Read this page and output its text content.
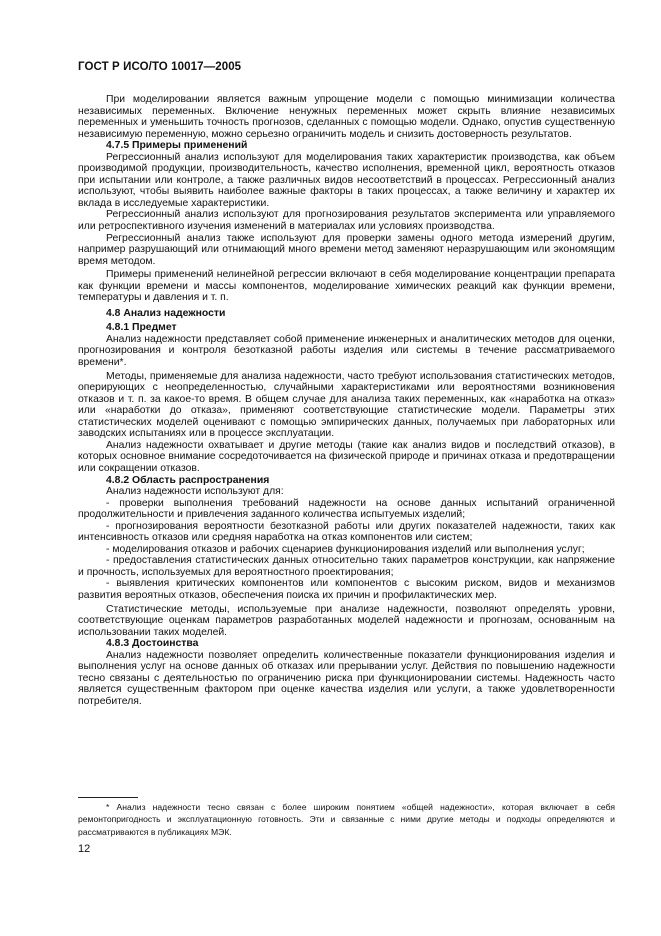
ГОСТ Р ИСО/ТО 10017—2005

При моделировании является важным упрощение модели с помощью минимизации количества независимых переменных. Включение ненужных переменных может скрыть влияние независимых переменных и уменьшить точность прогнозов, сделанных с помощью модели. Однако, опустив существенную независимую переменную, можно серьезно ограничить модель и снизить достоверность результатов.

4.7.5 Примеры применений

Регрессионный анализ используют для моделирования таких характеристик производства, как объем производимой продукции, производительность, качество исполнения, временной цикл, вероятность отказов при испытании или контроле, а также различных видов несоответствий в процессах. Регрессионный анализ используют, чтобы выявить наиболее важные факторы в таких процессах, а также величину и характер их вклада в исследуемые характеристики.

Регрессионный анализ используют для прогнозирования результатов эксперимента или управляемого или ретроспективного изучения изменений в материалах или условиях производства.

Регрессионный анализ также используют для проверки замены одного метода измерений другим, например разрушающий или отнимающий много времени метод заменяют неразрушающим или экономящим время методом.

Примеры применений нелинейной регрессии включают в себя моделирование концентрации препарата как функции времени и массы компонентов, моделирование химических реакций как функции времени, температуры и давления и т. п.

4.8 Анализ надежности
4.8.1 Предмет

Анализ надежности представляет собой применение инженерных и аналитических методов для оценки, прогнозирования и контроля безотказной работы изделия или системы в течение рассматриваемого времени*.

Методы, применяемые для анализа надежности, часто требуют использования статистических методов, оперирующих с неопределенностью, случайными характеристиками или вероятностями возникновения отказов и т. п. за какое-то время. В общем случае для анализа таких переменных, как «наработка на отказ» или «наработки до отказа», применяют соответствующие статистические модели. Параметры этих статистических моделей оценивают с помощью эмпирических данных, получаемых при лабораторных или заводских испытаниях или в процессе эксплуатации.

Анализ надежности охватывает и другие методы (такие как анализ видов и последствий отказов), в которых основное внимание сосредоточивается на физической природе и причинах отказа и предотвращении или сокращении отказов.

4.8.2 Область распространения

Анализ надежности используют для:

- проверки выполнения требований надежности на основе данных испытаний ограниченной продолжительности и привлечения заданного количества испытуемых изделий;

- прогнозирования вероятности безотказной работы или других показателей надежности, таких как интенсивность отказов или средняя наработка на отказ компонентов или систем;

- моделирования отказов и рабочих сценариев функционирования изделий или выполнения услуг;

- предоставления статистических данных относительно таких параметров конструкции, как напряжение и прочность, используемых для вероятностного проектирования;

- выявления критических компонентов или компонентов с высоким риском, видов и механизмов развития вероятных отказов, обеспечения поиска их причин и профилактических мер.

Статистические методы, используемые при анализе надежности, позволяют определять уровни, соответствующие оценкам параметров разработанных моделей надежности и прогнозам, основанным на использовании таких моделей.

4.8.3 Достоинства

Анализ надежности позволяет определить количественные показатели функционирования изделия и выполнения услуг на основе данных об отказах или прерывании услуг. Действия по повышению надежности тесно связаны с деятельностью по ограничению риска при функционировании системы. Надежность часто является существенным фактором при оценке качества изделия или услуги, а также удовлетворенности потребителя.

* Анализ надежности тесно связан с более широким понятием «общей надежности», которая включает в себя ремонтопригодность и эксплуатационную готовность. Эти и связанные с ними другие методы и подходы определяются и рассматриваются в публикациях МЭК.

12
